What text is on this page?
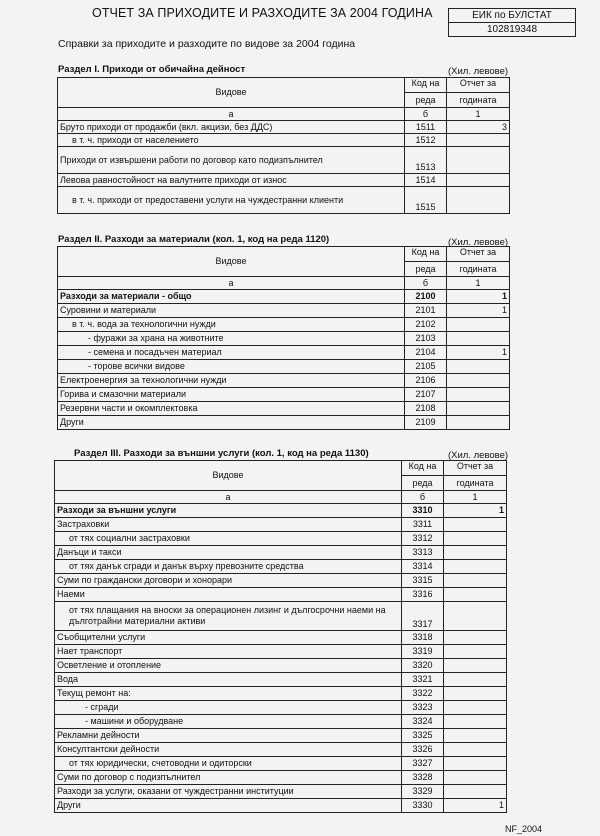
ОТЧЕТ ЗА ПРИХОДИТЕ И РАЗХОДИТЕ ЗА 2004 ГОДИНА	ЕИК по БУЛСТАТ
102819348
Справки за приходите и разходите по видове за 2004 година
Раздел I. Приходи от обичайна дейност	(Хил. левове)
Видове	Код на	Отчет за
	реда	годината
а	б	1
Бруто приходи от продажби (вкл. акцизи, без ДДС)	1511	3
в т. ч. приходи от населението	1512	
Приходи от извършени работи по договор като подизпълнител	1513	
Левова равностойност на валутните приходи от износ	1514	
в т. ч. приходи от предоставени услуги на чуждестранни клиенти	1515	
Раздел II. Разходи за материали (кол. 1, код на реда 1120)	(Хил. левове)
Видове	Код на	Отчет за
	реда	годината
а	б	1
Разходи за материали - общо	2100	1
Суровини и материали	2101	1
в т. ч. вода за технологични нужди	2102	
- фуражи за храна на животните	2103	
- семена и посадъчен материал	2104	1
- торове всички видове	2105	
Електроенергия за технологични нужди	2106	
Горива и смазочни материали	2107	
Резервни части и окомплектовка	2108	
Други	2109	
Раздел III. Разходи за външни услуги (кол. 1, код на реда 1130)	(Хил. левове)
Видове	Код на	Отчет за
	реда	годината
а	б	1
Разходи за външни услуги	3310	1
Застраховки	3311	
от тях социални застраховки	3312	
Данъци и такси	3313	
от тях данък сгради и данък върху превозните средства	3314	
Суми по граждански договори и хонорари	3315	
Наеми	3316	
от тях плащания на вноски за операционен лизинг и дългосрочни наеми на дълготрайни материални активи	3317	
Съобщителни услуги	3318	
Нает транспорт	3319	
Осветление и отопление	3320	
Вода	3321	
Текущ ремонт на:	3322	
- сгради	3323	
- машини и оборудване	3324	
Рекламни дейности	3325	
Консултантски дейности	3326	
от тях юридически, счетоводни и одиторски	3327	
Суми по договор с подизпълнител	3328	
Разходи за услуги, оказани от чуждестранни институции	3329	
Други	3330	1
NF_2004
